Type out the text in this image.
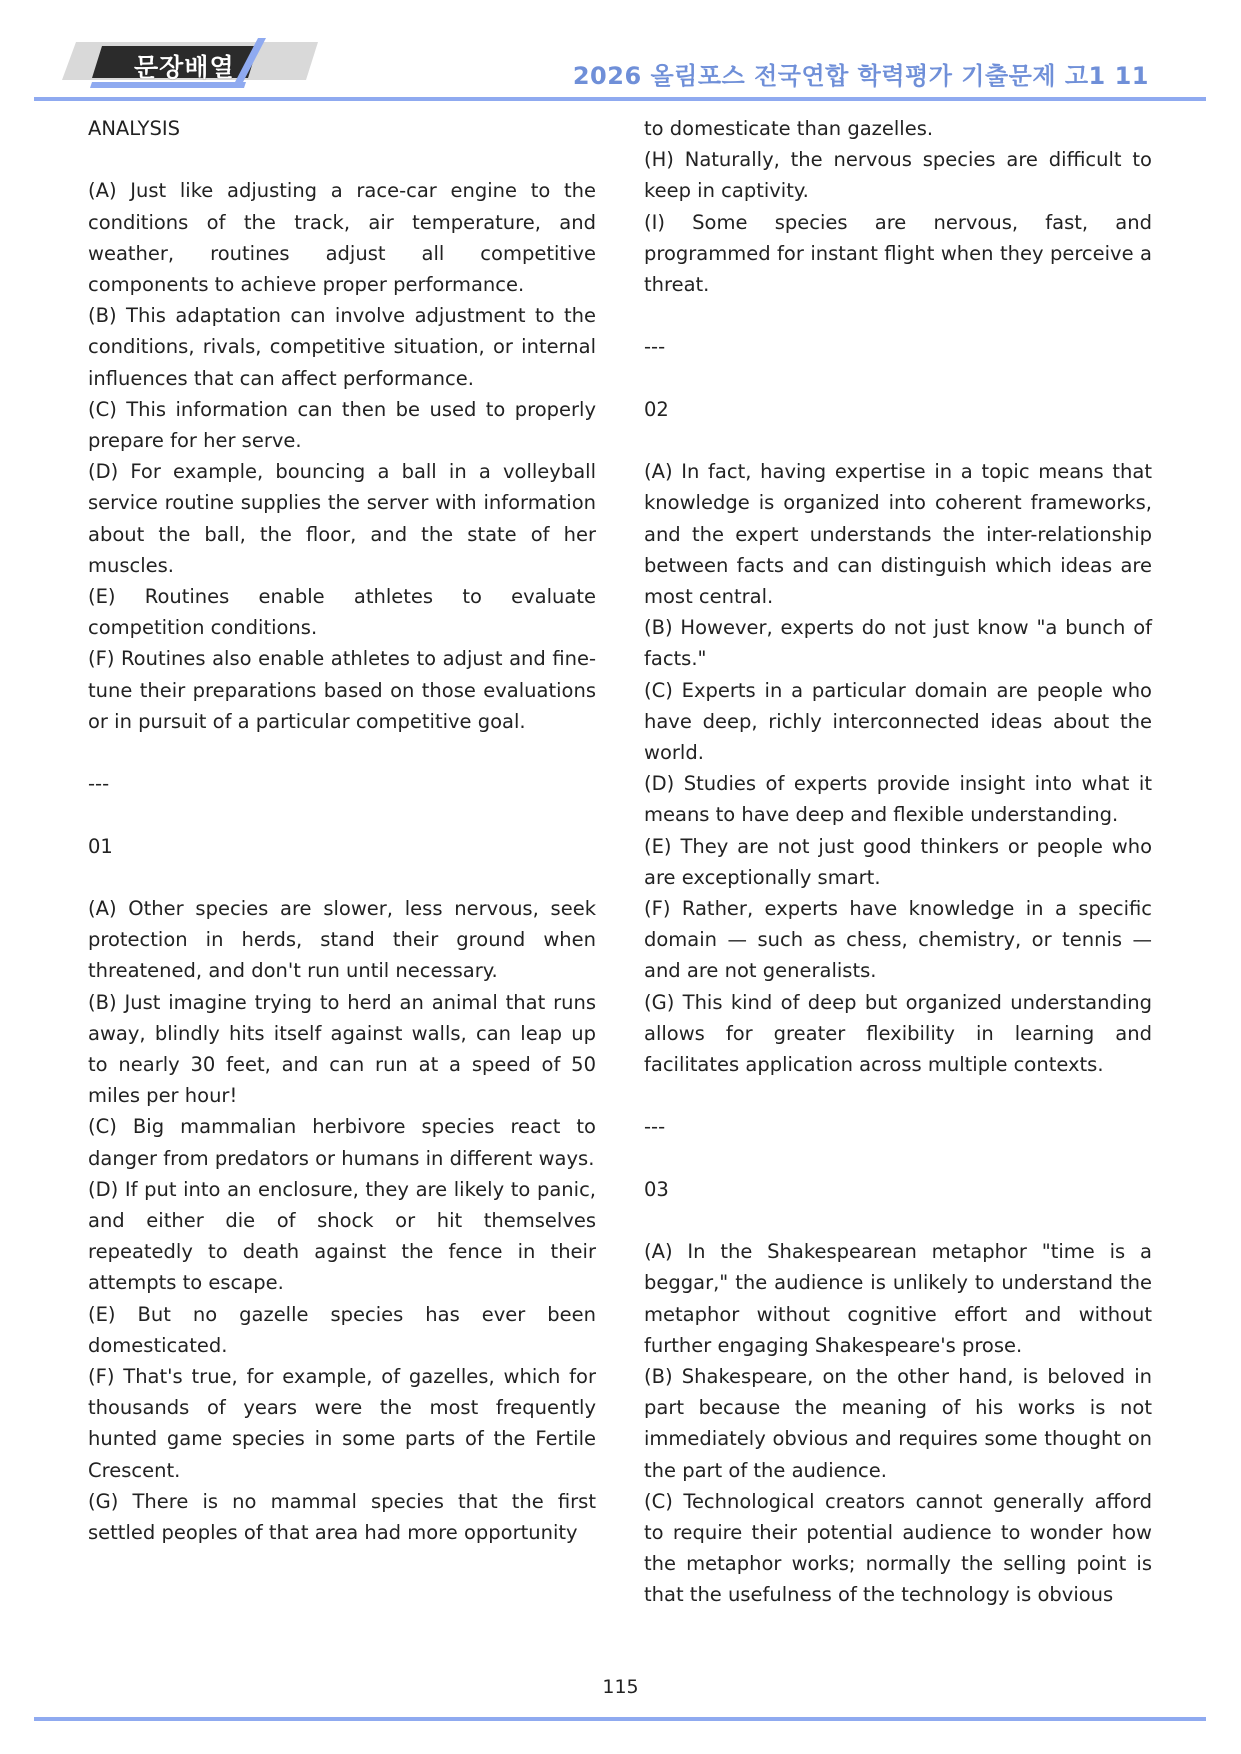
문장배열	2026 올림포스 전국연합 학력평가 기출문제 고1 11

ANALYSIS

(A) Just like adjusting a race-car engine to the conditions of the track, air temperature, and weather, routines adjust all competitive components to achieve proper performance.

(B) This adaptation can involve adjustment to the conditions, rivals, competitive situation, or internal influences that can affect performance.

(C) This information can then be used to properly prepare for her serve.

(D) For example, bouncing a ball in a volleyball service routine supplies the server with information about the ball, the floor, and the state of her muscles.

(E) Routines enable athletes to evaluate competition conditions.

(F) Routines also enable athletes to adjust and fine-tune their preparations based on those evaluations or in pursuit of a particular competitive goal.

---

01

(A) Other species are slower, less nervous, seek protection in herds, stand their ground when threatened, and don't run until necessary.

(B) Just imagine trying to herd an animal that runs away, blindly hits itself against walls, can leap up to nearly 30 feet, and can run at a speed of 50 miles per hour!

(C) Big mammalian herbivore species react to danger from predators or humans in different ways.

(D) If put into an enclosure, they are likely to panic, and either die of shock or hit themselves repeatedly to death against the fence in their attempts to escape.

(E) But no gazelle species has ever been domesticated.

(F) That's true, for example, of gazelles, which for thousands of years were the most frequently hunted game species in some parts of the Fertile Crescent.

(G) There is no mammal species that the first settled peoples of that area had more opportunity

to domesticate than gazelles.

(H) Naturally, the nervous species are difficult to keep in captivity.

(I) Some species are nervous, fast, and programmed for instant flight when they perceive a threat.

---

02

(A) In fact, having expertise in a topic means that knowledge is organized into coherent frameworks, and the expert understands the inter-relationship between facts and can distinguish which ideas are most central.

(B) However, experts do not just know "a bunch of facts."

(C) Experts in a particular domain are people who have deep, richly interconnected ideas about the world.

(D) Studies of experts provide insight into what it means to have deep and flexible understanding.

(E) They are not just good thinkers or people who are exceptionally smart.

(F) Rather, experts have knowledge in a specific domain — such as chess, chemistry, or tennis — and are not generalists.

(G) This kind of deep but organized understanding allows for greater flexibility in learning and facilitates application across multiple contexts.

---

03

(A) In the Shakespearean metaphor "time is a beggar," the audience is unlikely to understand the metaphor without cognitive effort and without further engaging Shakespeare's prose.

(B) Shakespeare, on the other hand, is beloved in part because the meaning of his works is not immediately obvious and requires some thought on the part of the audience.

(C) Technological creators cannot generally afford to require their potential audience to wonder how the metaphor works; normally the selling point is that the usefulness of the technology is obvious

115
